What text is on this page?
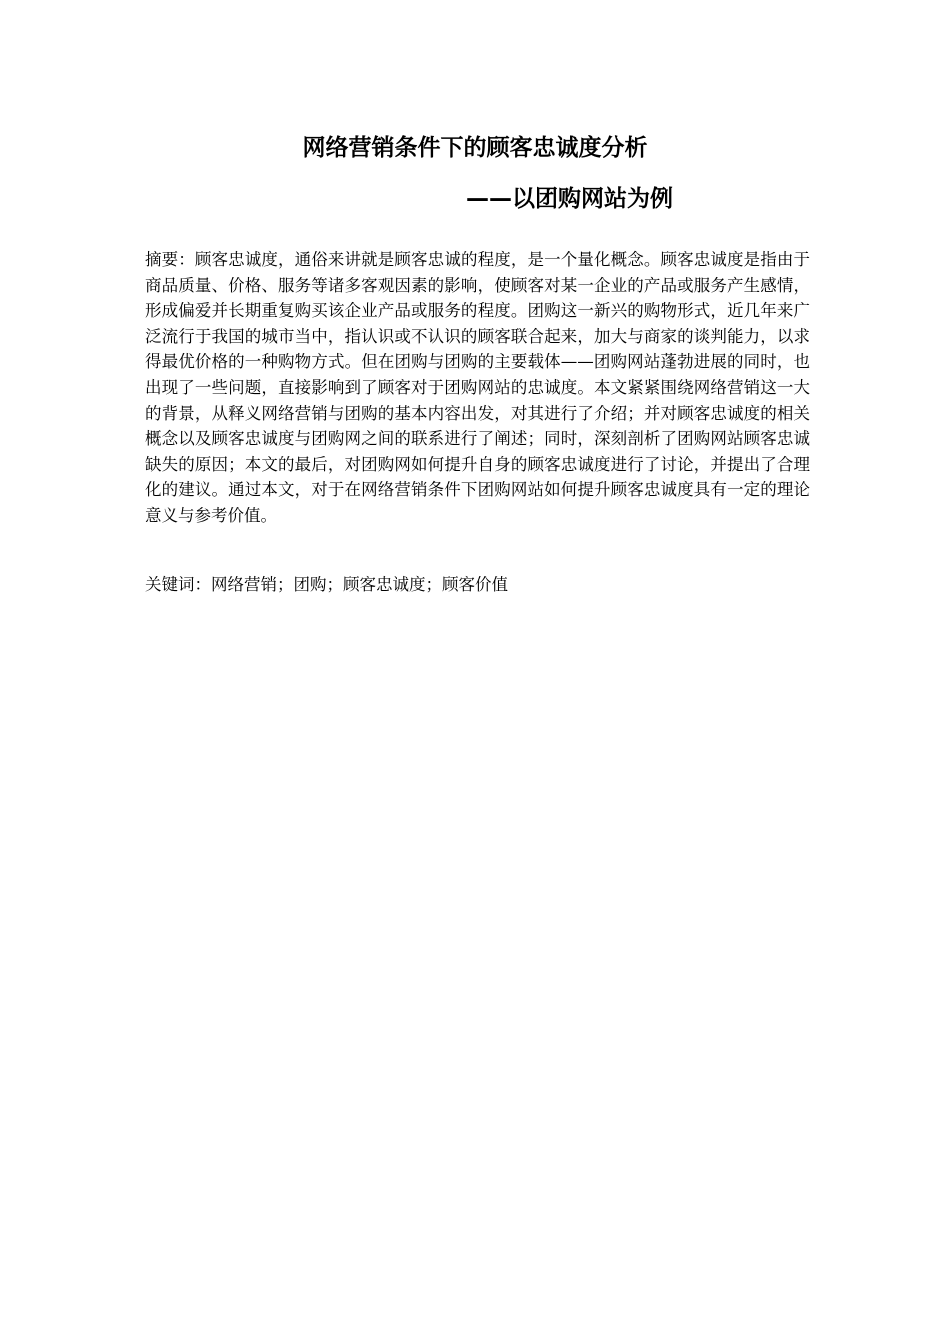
网络营销条件下的顾客忠诚度分析
——以团购网站为例

摘要：顾客忠诚度，通俗来讲就是顾客忠诚的程度，是一个量化概念。顾客忠诚度是指由于商品质量、价格、服务等诸多客观因素的影响，使顾客对某一企业的产品或服务产生感情，形成偏爱并长期重复购买该企业产品或服务的程度。团购这一新兴的购物形式，近几年来广泛流行于我国的城市当中，指认识或不认识的顾客联合起来，加大与商家的谈判能力，以求得最优价格的一种购物方式。但在团购与团购的主要载体——团购网站蓬勃进展的同时，也出现了一些问题，直接影响到了顾客对于团购网站的忠诚度。本文紧紧围绕网络营销这一大的背景，从释义网络营销与团购的基本内容出发，对其进行了介绍；并对顾客忠诚度的相关概念以及顾客忠诚度与团购网之间的联系进行了阐述；同时，深刻剖析了团购网站顾客忠诚缺失的原因；本文的最后，对团购网如何提升自身的顾客忠诚度进行了讨论，并提出了合理化的建议。通过本文，对于在网络营销条件下团购网站如何提升顾客忠诚度具有一定的理论意义与参考价值。

关键词：网络营销；团购；顾客忠诚度；顾客价值
